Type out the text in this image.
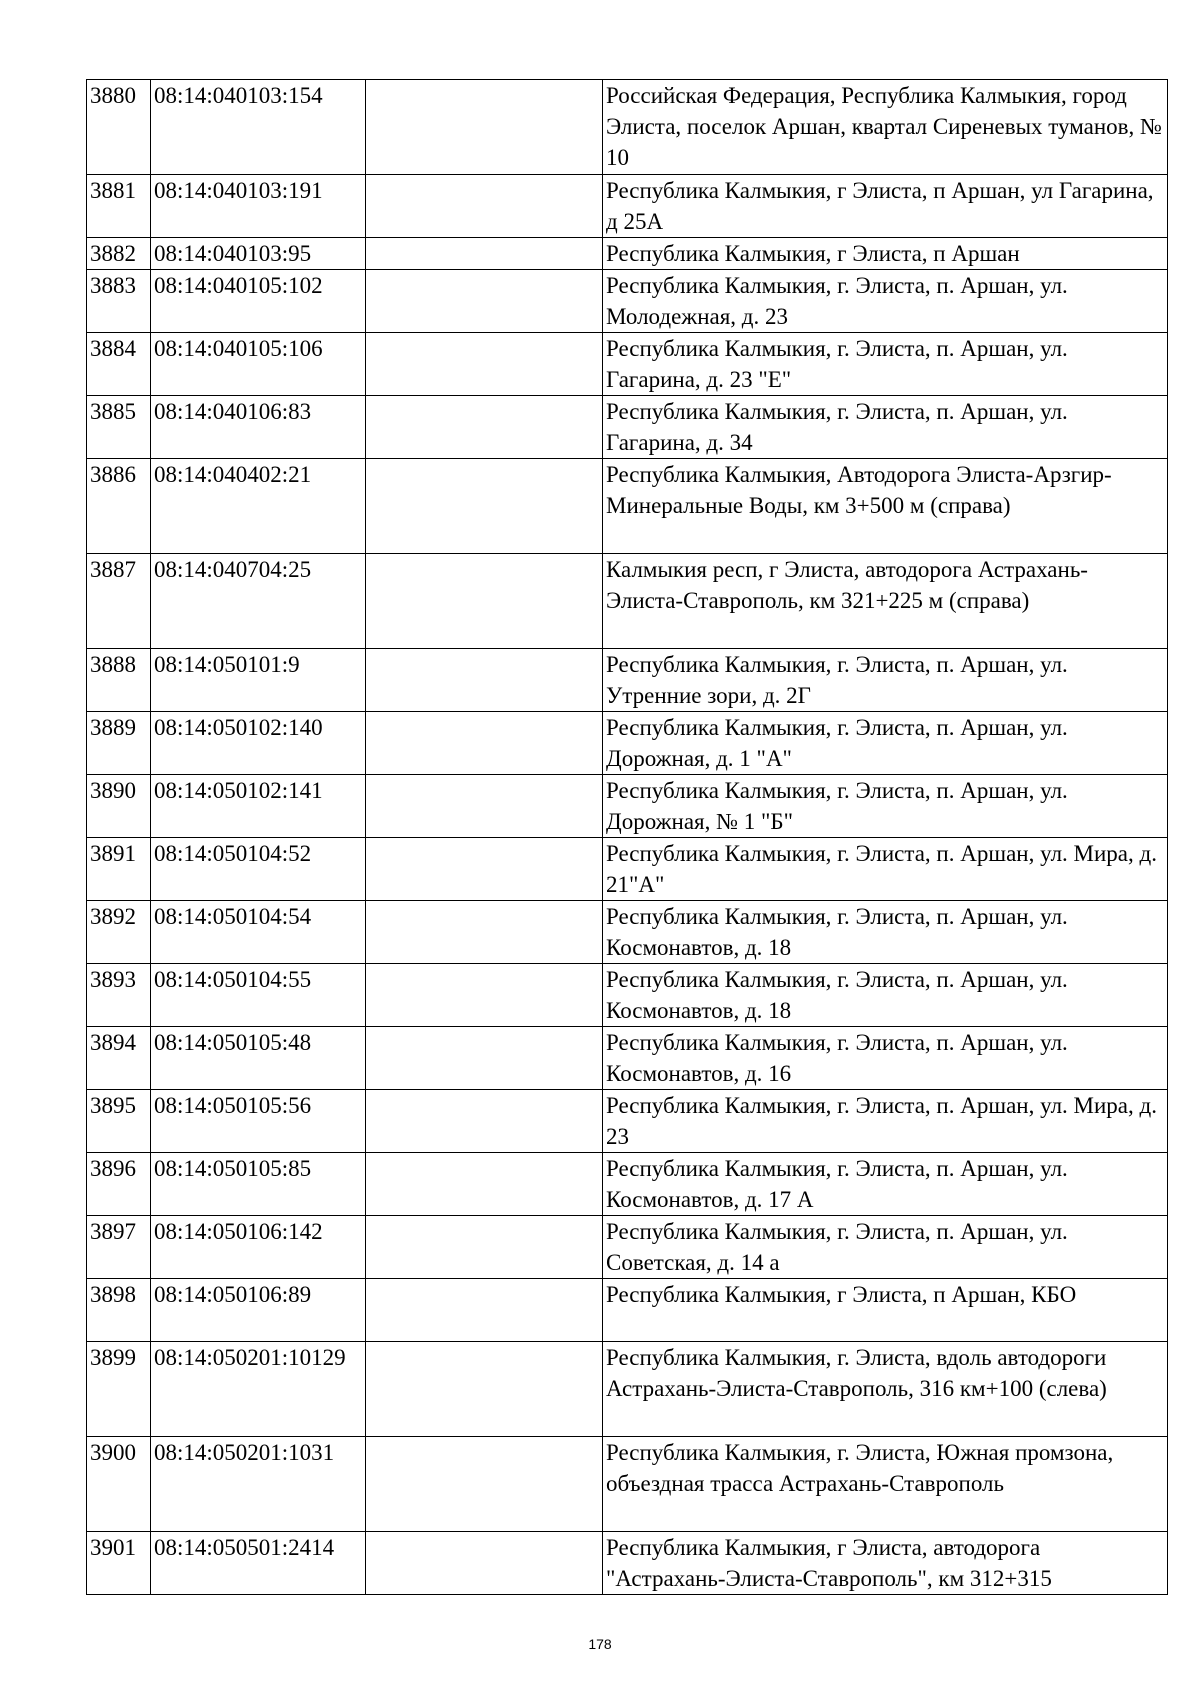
3880	08:14:040103:154		Российская Федерация, Республика Калмыкия, город Элиста, поселок Аршан, квартал Сиреневых туманов, № 10
3881	08:14:040103:191		Республика Калмыкия, г Элиста, п Аршан, ул Гагарина, д 25А
3882	08:14:040103:95		Республика Калмыкия, г Элиста, п Аршан
3883	08:14:040105:102		Республика Калмыкия, г. Элиста, п. Аршан, ул. Молодежная, д. 23
3884	08:14:040105:106		Республика Калмыкия, г. Элиста, п. Аршан, ул. Гагарина, д. 23 "Е"
3885	08:14:040106:83		Республика Калмыкия, г. Элиста, п. Аршан, ул. Гагарина, д. 34
3886	08:14:040402:21		Республика Калмыкия, Автодорога Элиста-Арзгир-Минеральные Воды, км 3+500 м (справа)
3887	08:14:040704:25		Калмыкия респ, г Элиста, автодорога Астрахань-Элиста-Ставрополь, км 321+225 м (справа)
3888	08:14:050101:9		Республика Калмыкия, г. Элиста, п. Аршан, ул. Утренние зори, д. 2Г
3889	08:14:050102:140		Республика Калмыкия, г. Элиста, п. Аршан, ул. Дорожная, д. 1 "А"
3890	08:14:050102:141		Республика Калмыкия, г. Элиста, п. Аршан, ул. Дорожная, № 1 "Б"
3891	08:14:050104:52		Республика Калмыкия, г. Элиста, п. Аршан, ул. Мира, д. 21"А"
3892	08:14:050104:54		Республика Калмыкия, г. Элиста, п. Аршан, ул. Космонавтов, д. 18
3893	08:14:050104:55		Республика Калмыкия, г. Элиста, п. Аршан, ул. Космонавтов, д. 18
3894	08:14:050105:48		Республика Калмыкия, г. Элиста, п. Аршан, ул. Космонавтов, д. 16
3895	08:14:050105:56		Республика Калмыкия, г. Элиста, п. Аршан, ул. Мира, д. 23
3896	08:14:050105:85		Республика Калмыкия, г. Элиста, п. Аршан, ул. Космонавтов, д. 17 А
3897	08:14:050106:142		Республика Калмыкия, г. Элиста, п. Аршан, ул. Советская, д. 14 а
3898	08:14:050106:89		Республика Калмыкия, г Элиста, п Аршан, КБО
3899	08:14:050201:10129		Республика Калмыкия, г. Элиста, вдоль автодороги Астрахань-Элиста-Ставрополь, 316 км+100 (слева)
3900	08:14:050201:1031		Республика Калмыкия, г. Элиста, Южная промзона, объездная трасса Астрахань-Ставрополь
3901	08:14:050501:2414		Республика Калмыкия, г Элиста, автодорога "Астрахань-Элиста-Ставрополь", км 312+315
178
